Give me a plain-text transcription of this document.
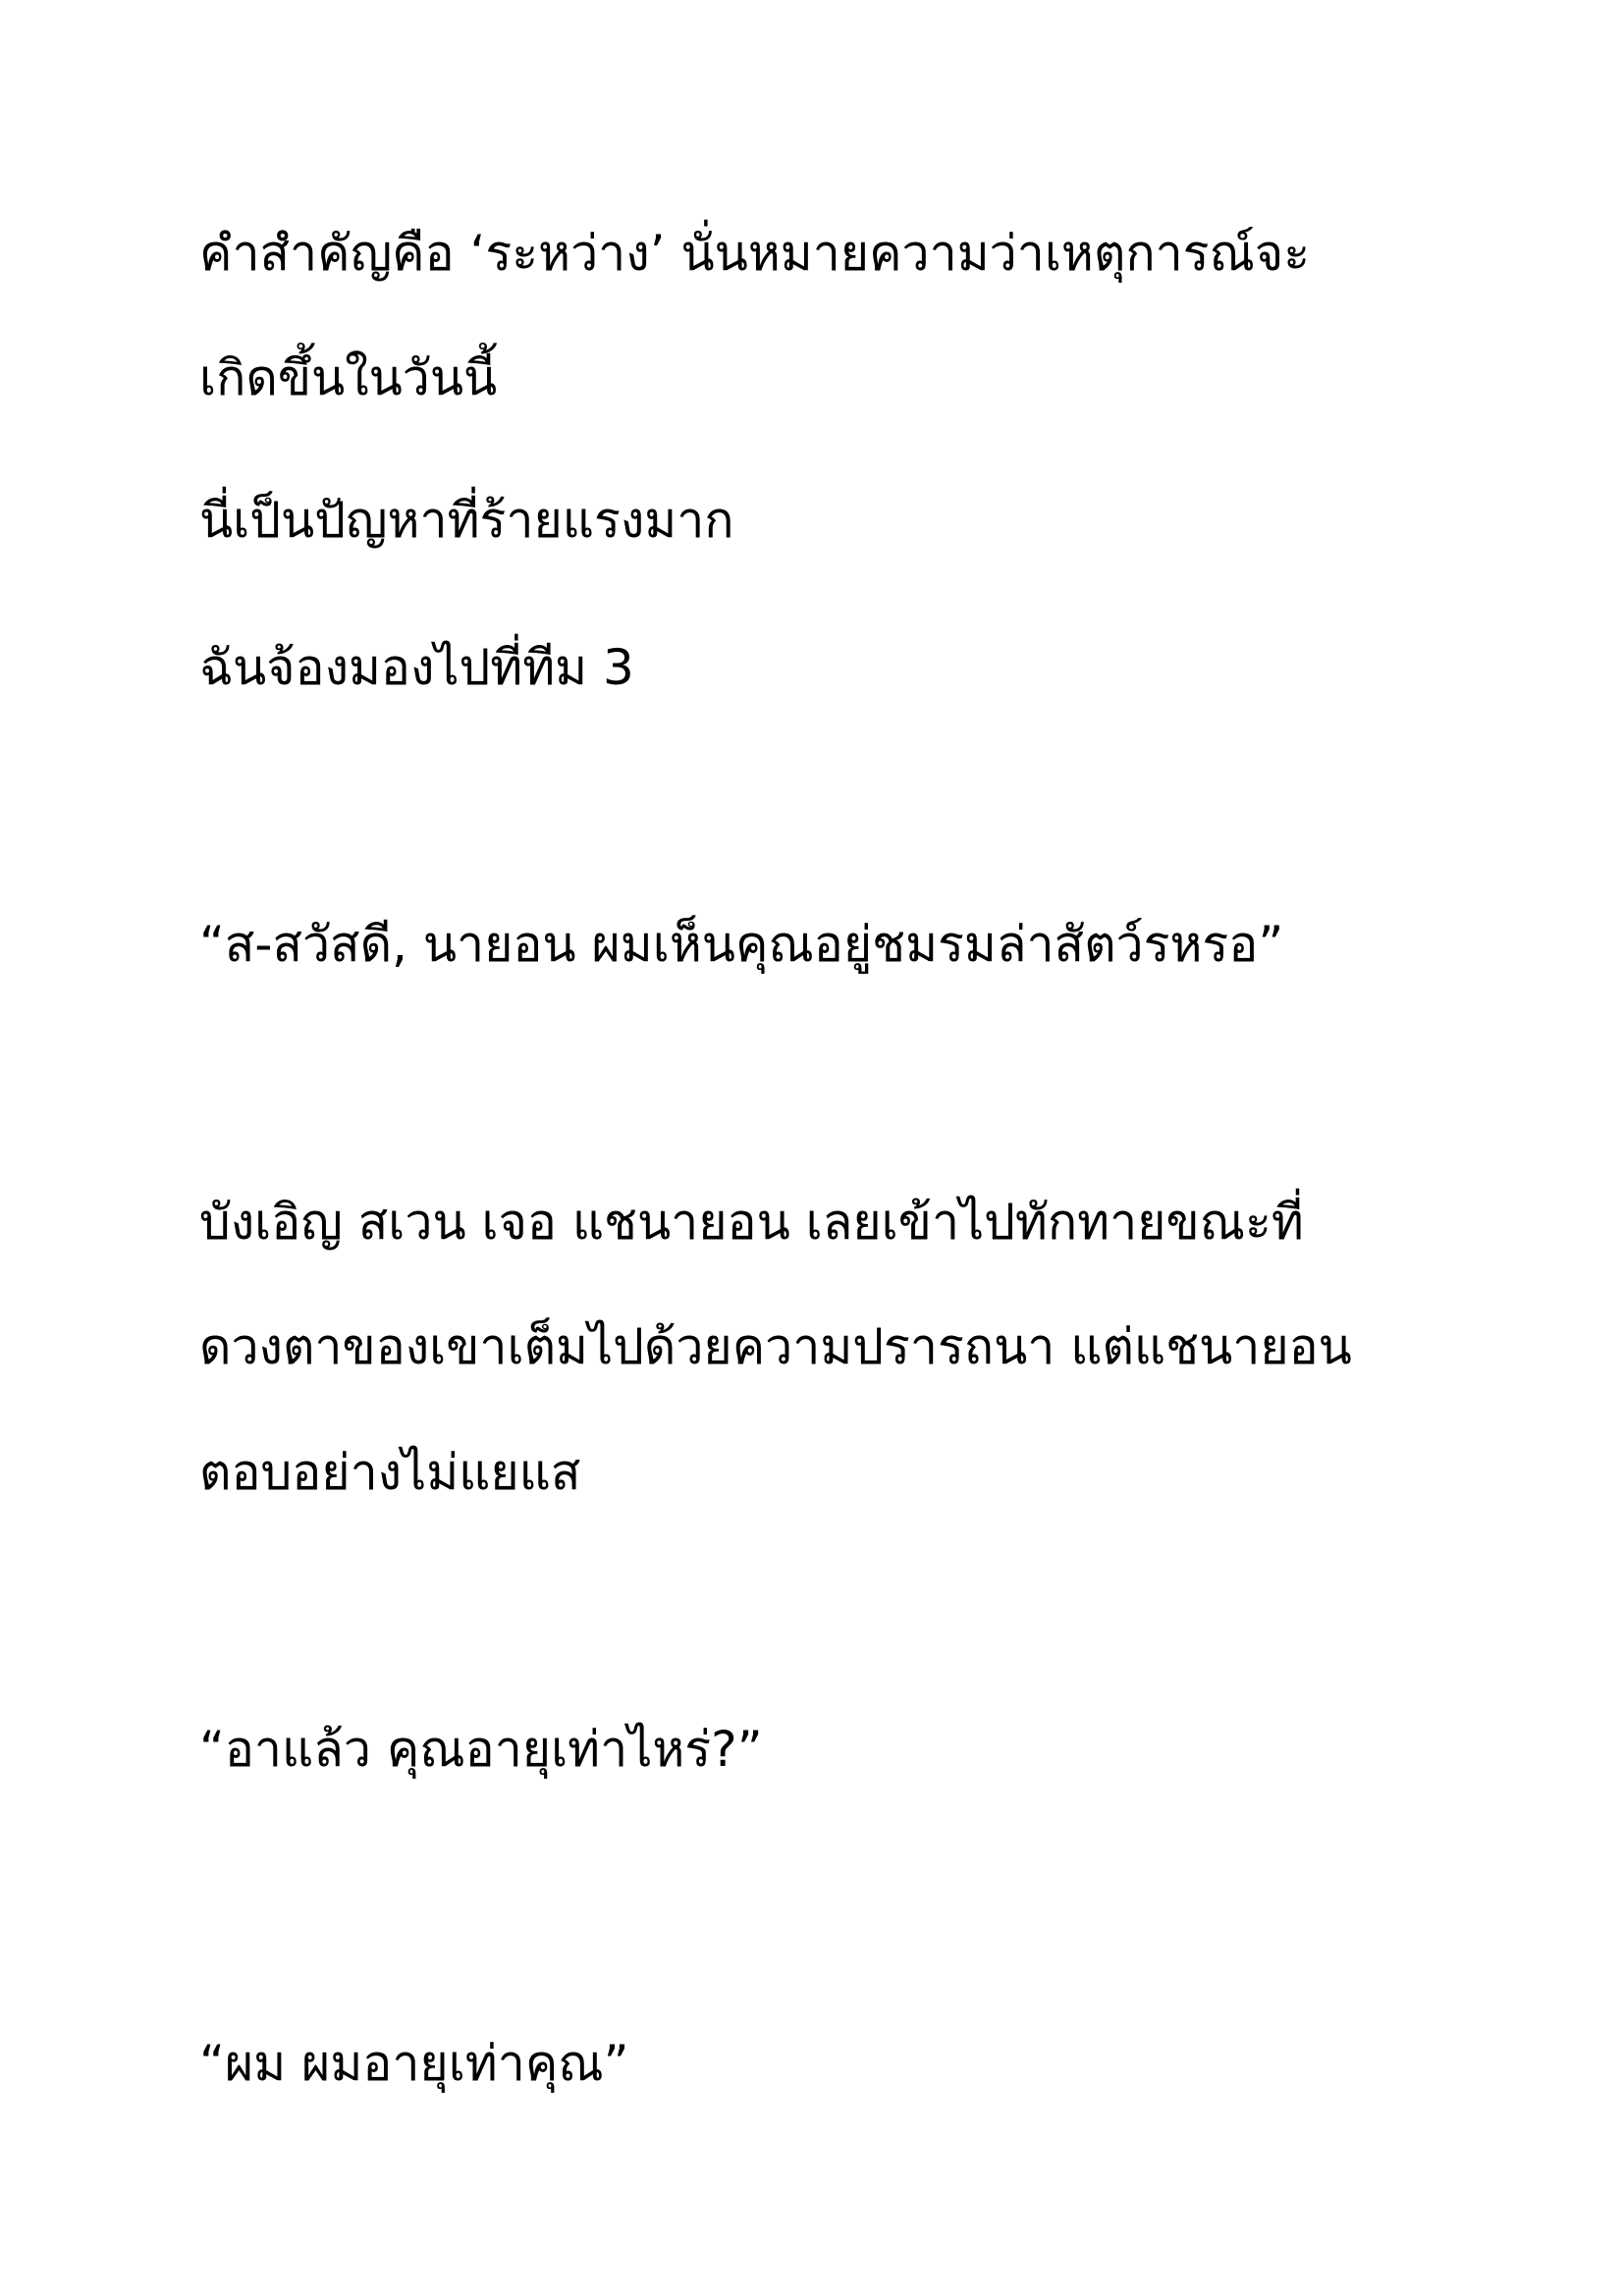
คำสำคัญคือ ‘ระหว่าง’ นั่นหมายความว่าเหตุการณ์จะ

เกิดขึ้นในวันนี้

นี่เป็นปัญหาที่ร้ายแรงมาก

ฉันจ้องมองไปที่ทีม 3

“ส-สวัสดี, นายอน ผมเห็นคุณอยู่ชมรมล่าสัตว์รหรอ”

บังเอิญ สเวน เจอ แชนายอน เลยเข้าไปทักทายขณะที่

ดวงตาของเขาเต็มไปด้วยความปรารถนา แต่แชนายอน

ตอบอย่างไม่แยแส

“อาแล้ว คุณอายุเท่าไหร่?”

“ผม ผมอายุเท่าคุณ”
